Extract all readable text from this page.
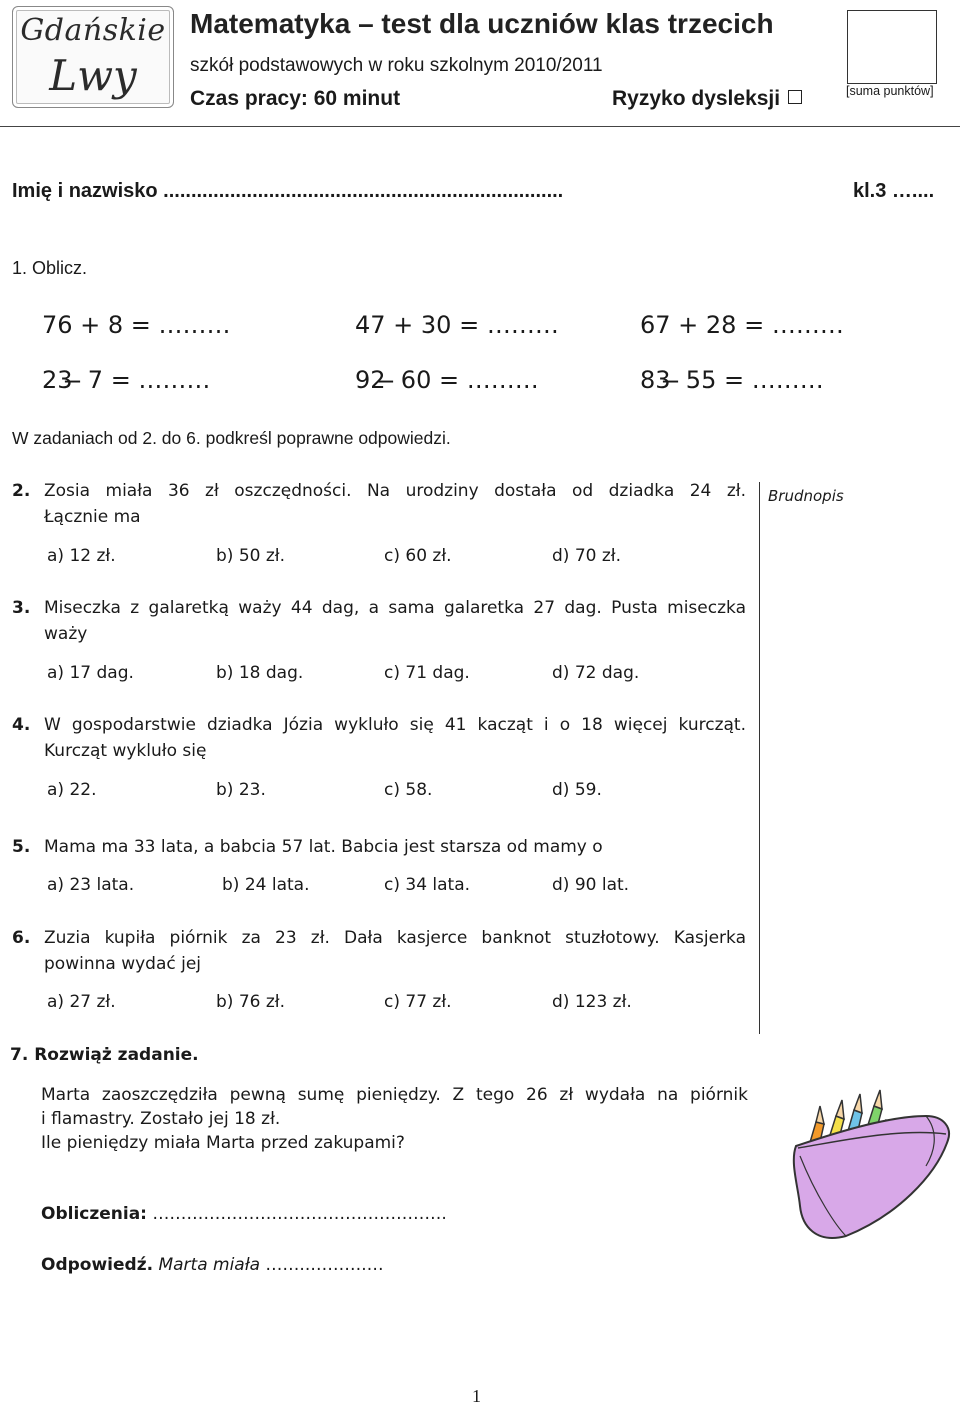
Gdańskie
Lwy
Matematyka – test dla uczniów klas trzecich
szkół podstawowych w roku szkolnym 2010/2011
Czas pracy: 60 minut	Ryzyko dysleksji	[suma punktów]
Imię i nazwisko ........................................................................	kl.3 …....
1. Oblicz.
76 + 8 = ………	47 + 30 = ………	67 + 28 = ………
23 ̶ 7 = ………	92 ̶ 60 = ………	83 ̶ 55 = ………
W zadaniach od 2. do 6. podkreśl poprawne odpowiedzi.
Brudnopis
2. Zosia miała 36 zł oszczędności. Na urodziny dostała od dziadka 24 zł.
Łącznie ma
a) 12 zł.	b) 50 zł.	c) 60 zł.	d) 70 zł.
3. Miseczka z galaretką waży 44 dag, a sama galaretka 27 dag. Pusta miseczka
waży
a) 17 dag.	b) 18 dag.	c) 71 dag.	d) 72 dag.
4. W gospodarstwie dziadka Józia wykluło się 41 kacząt i o 18 więcej kurcząt.
Kurcząt wykluło się
a) 22.	b) 23.	c) 58.	d) 59.
5. Mama ma 33 lata, a babcia 57 lat. Babcia jest starsza od mamy o
a) 23 lata.	b) 24 lata.	c) 34 lata.	d) 90 lat.
6. Zuzia kupiła piórnik za 23 zł. Dała kasjerce banknot stuzłotowy. Kasjerka
powinna wydać jej
a) 27 zł.	b) 76 zł.	c) 77 zł.	d) 123 zł.
7. Rozwiąż zadanie.
Marta zaoszczędziła pewną sumę pieniędzy. Z tego 26 zł wydała na piórnik
i flamastry. Zostało jej 18 zł.
Ile pieniędzy miała Marta przed zakupami?
Obliczenia: …………………………………………….
Odpowiedź. Marta miała ……..……….…
1
